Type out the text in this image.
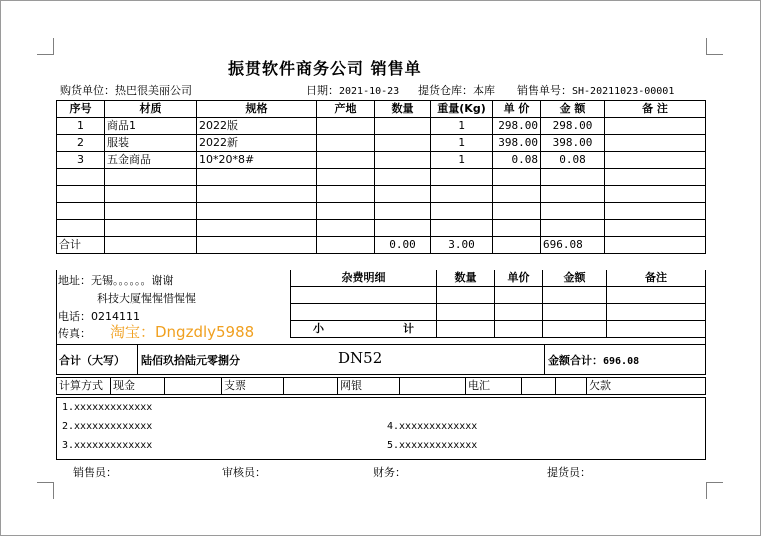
振贯软件商务公司 销售单
购货单位：热巴很美丽公司	日期：2021-10-23 提货仓库：本库 销售单号：SH-20211023-00001
序号	材质	规格	产地	数量	重量(Kg)	单 价	金 额	备 注
1	商品1	2022版			1	298.00	298.00	
2	服装	2022新			1	398.00	398.00	
3	五金商品	10*20*8#			1	0.08	0.08	

合计				0.00	3.00		696.08	
地址：无锡。。。。。。谢谢
科技大厦惺惺惜惺惺
电话：0214111
传真： 淘宝：Dngzdly5988
杂费明细	数量	单价	金额	备注

小 计				

合计（大写） 陆佰玖拾陆元零捌分	DN52	金额合计：696.08
计算方式	现金		支票		网银		电汇		欠款
1.xxxxxxxxxxxxx
2.xxxxxxxxxxxxx
3.xxxxxxxxxxxxx
4.xxxxxxxxxxxxx
5.xxxxxxxxxxxxx
销售员：	审核员：	财务：	提货员：
